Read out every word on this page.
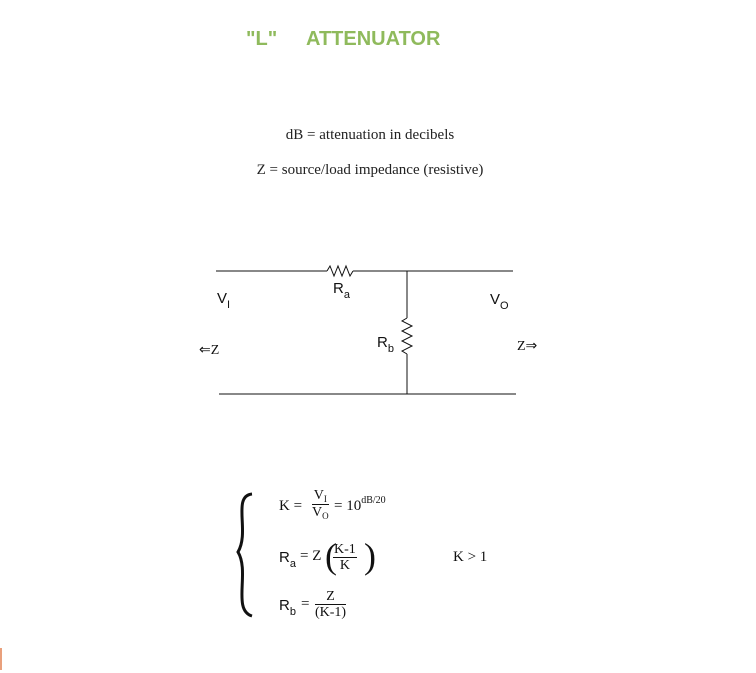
"L" ATTENUATOR
dB = attenuation in decibels
Z = source/load impedance (resistive)
$R_a$
$R_b$
$V_I$	$V_O$
⇐Z	Z⇒
$K = \frac{V_I}{V_O} = 10^{dB/20}$
$R_a = Z$ (
$\frac{K-1}{K}$ )
$R_b = \frac{Z}{(K-1)}$
K > 1
